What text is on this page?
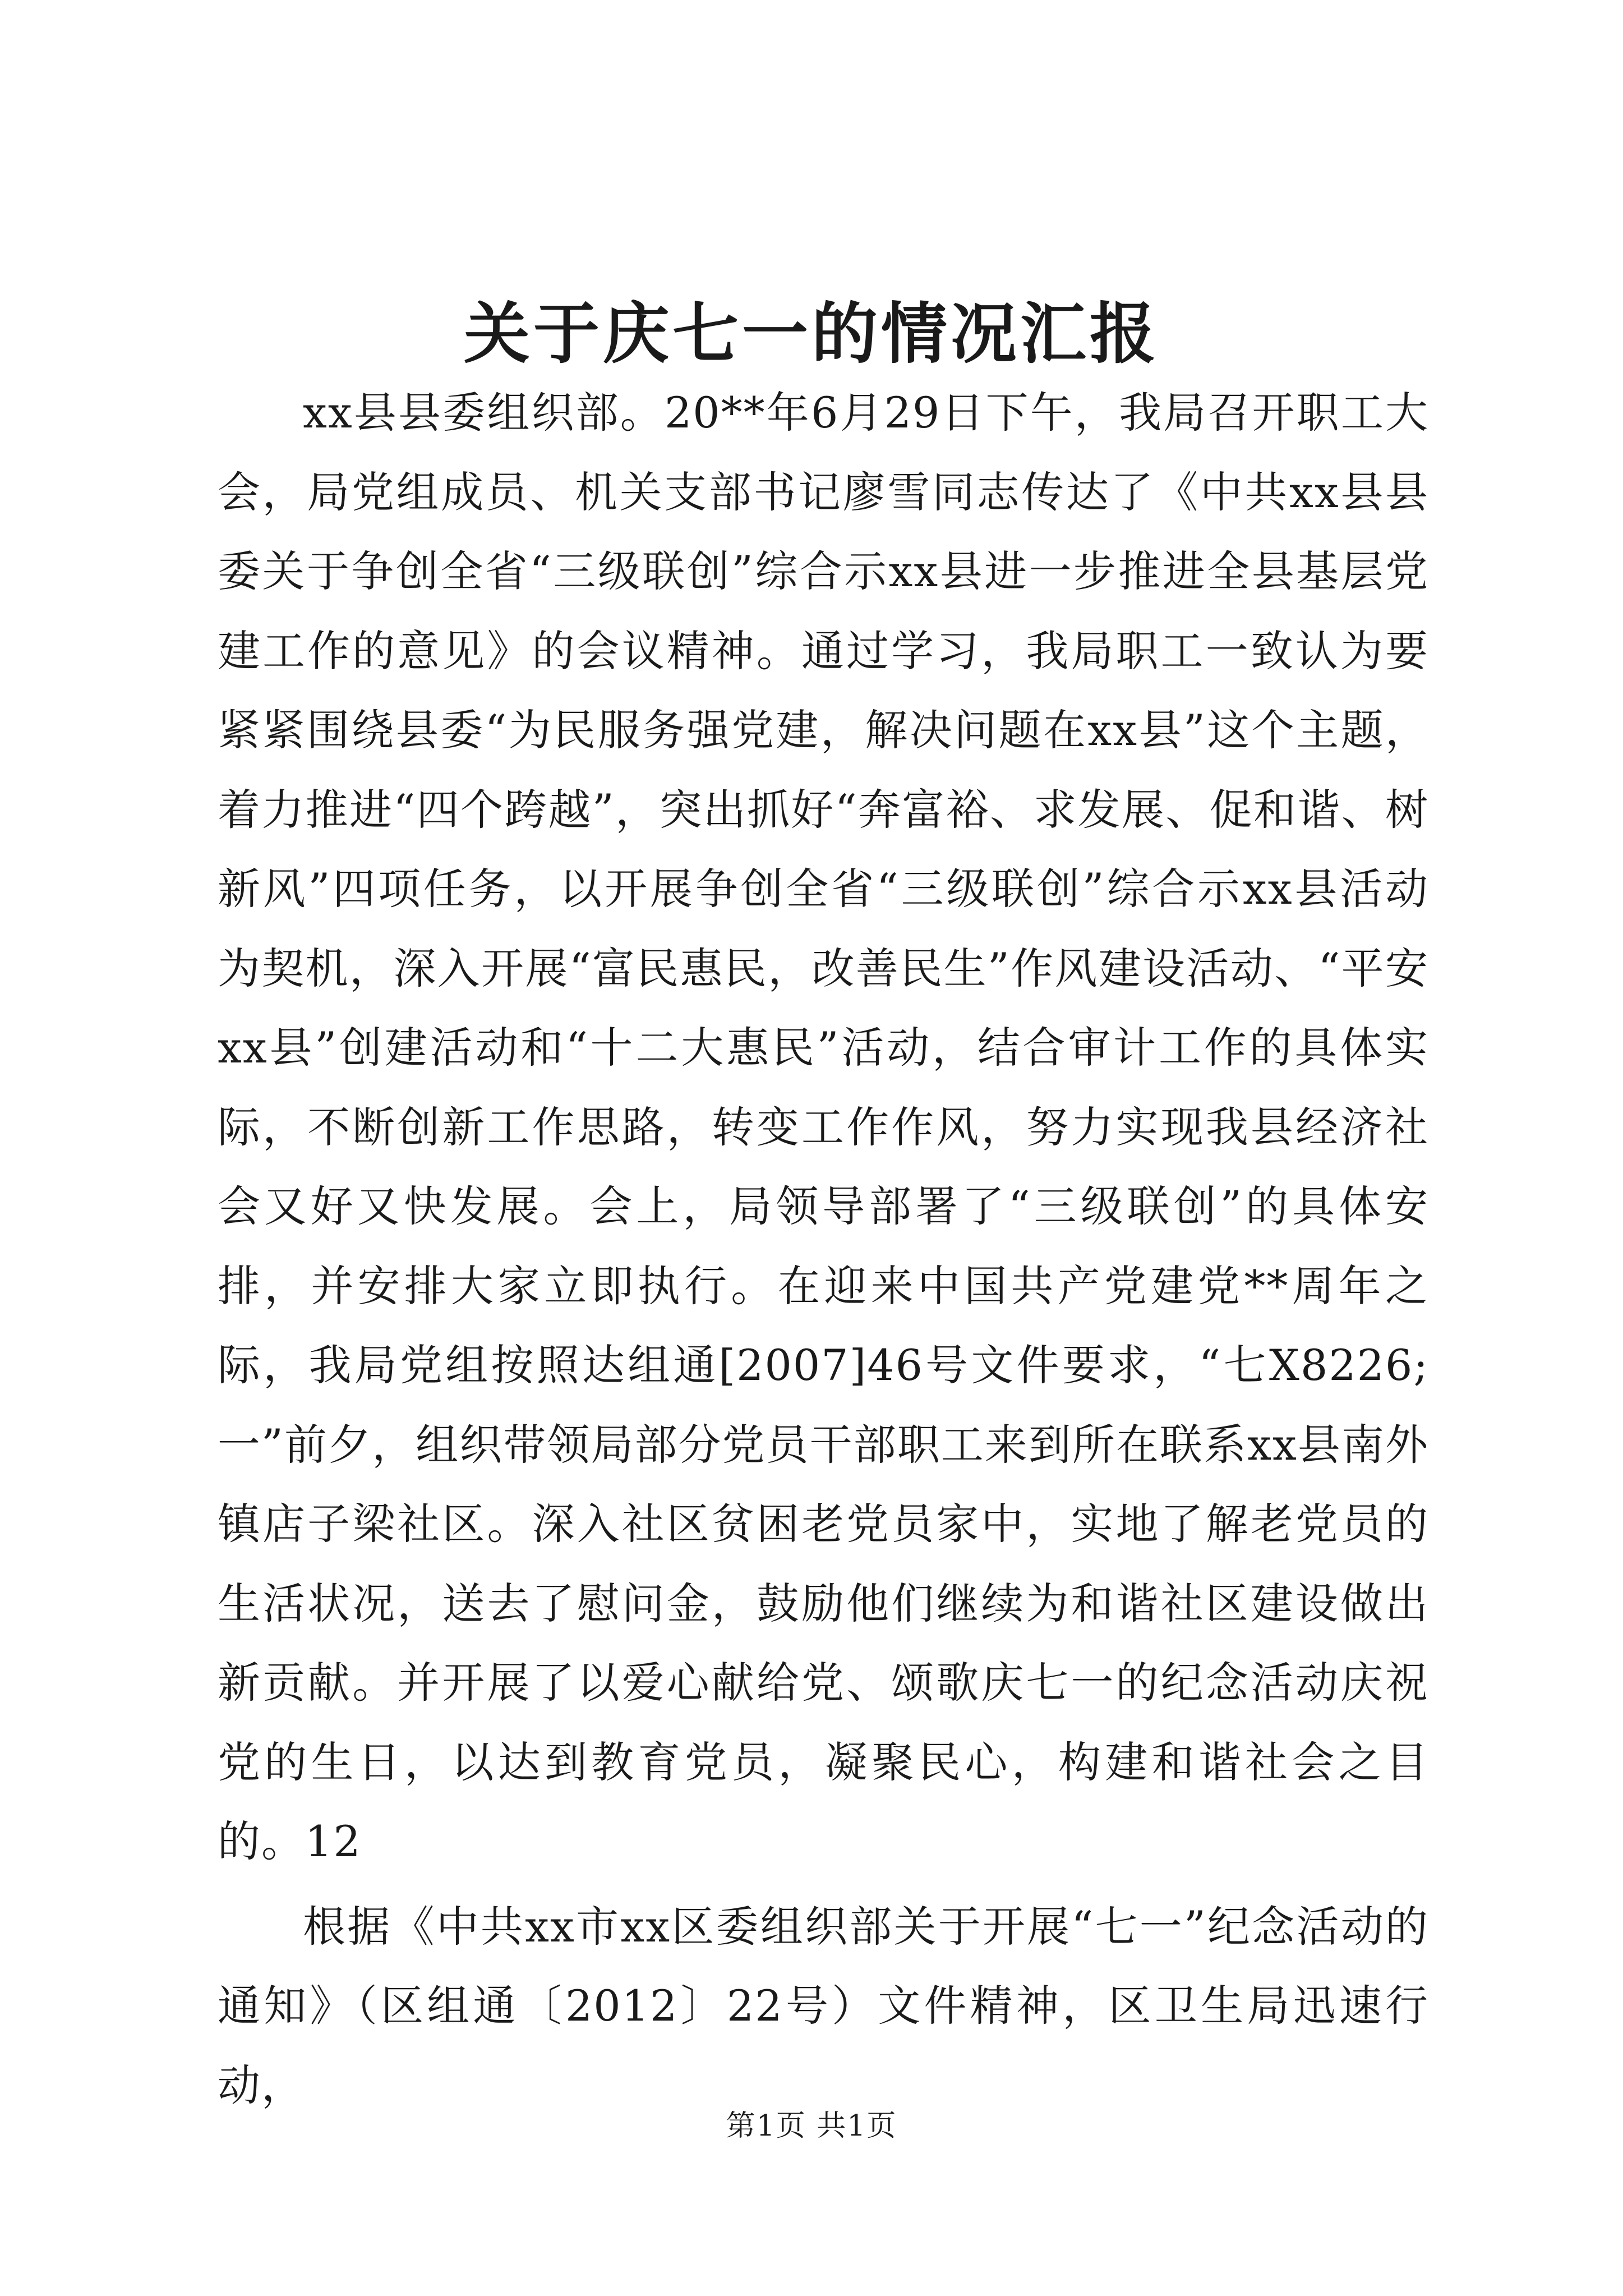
关于庆七一的情况汇报

xx县县委组织部。20**年6月29日下午，我局召开职工大会，局党组成员、机关支部书记廖雪同志传达了《中共xx县县委关于争创全省“三级联创”综合示xx县进一步推进全县基层党建工作的意见》的会议精神。通过学习，我局职工一致认为要紧紧围绕县委“为民服务强党建，解决问题在xx县”这个主题，着力推进“四个跨越”，突出抓好“奔富裕、求发展、促和谐、树新风”四项任务，以开展争创全省“三级联创”综合示xx县活动为契机，深入开展“富民惠民，改善民生”作风建设活动、“平安xx县”创建活动和“十二大惠民”活动，结合审计工作的具体实际，不断创新工作思路，转变工作作风，努力实现我县经济社会又好又快发展。会上，局领导部署了“三级联创”的具体安排，并安排大家立即执行。在迎来中国共产党建党**周年之际，我局党组按照达组通[2007]46号文件要求，“七X8226;一”前夕，组织带领局部分党员干部职工来到所在联系xx县南外镇店子梁社区。深入社区贫困老党员家中，实地了解老党员的生活状况，送去了慰问金，鼓励他们继续为和谐社区建设做出新贡献。并开展了以爱心献给党、颂歌庆七一的纪念活动庆祝党的生日，以达到教育党员，凝聚民心，构建和谐社会之目的。12

根据《中共xx市xx区委组织部关于开展“七一”纪念活动的通知》（区组通〔2012〕22号）文件精神，区卫生局迅速行动，

第1页 共1页
